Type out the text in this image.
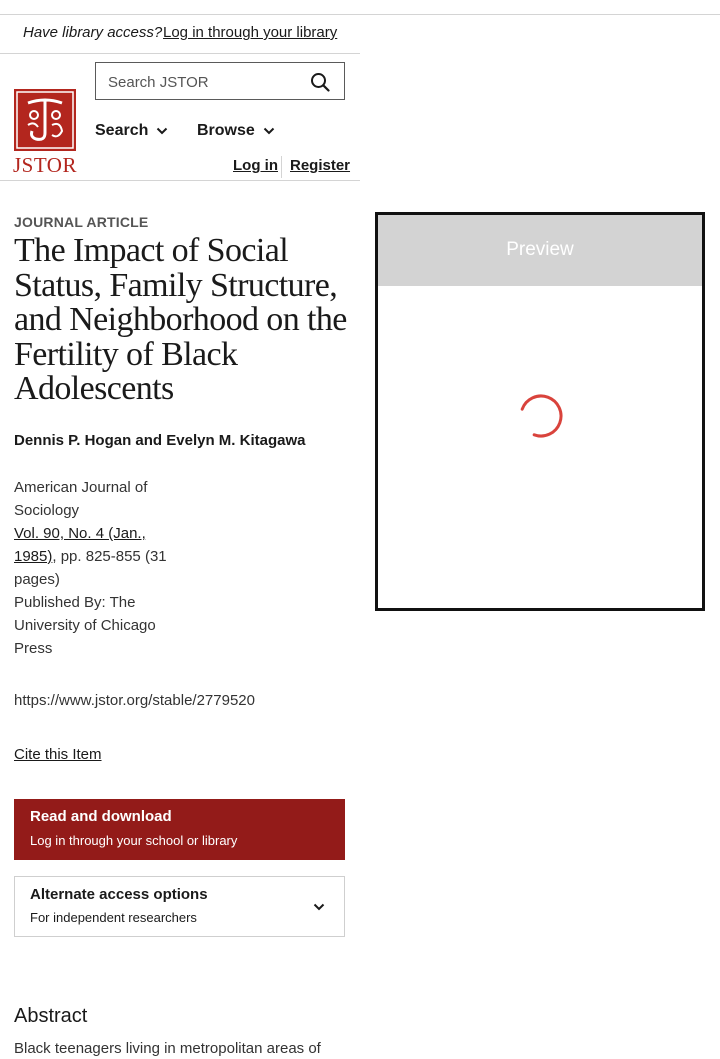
Have library access? Log in through your library
JSTOR
Search JSTOR
Search	Browse
Log in Register
JOURNAL ARTICLE
The Impact of Social Status, Family Structure, and Neighborhood on the Fertility of Black Adolescents
Dennis P. Hogan and Evelyn M. Kitagawa
American Journal of Sociology
Vol. 90, No. 4 (Jan., 1985), pp. 825-855 (31 pages)
Published By: The University of Chicago Press
https://www.jstor.org/stable/2779520
Cite this Item
Read and download
Log in through your school or library
Alternate access options
For independent researchers
Abstract
Black teenagers living in metropolitan areas of
Preview
